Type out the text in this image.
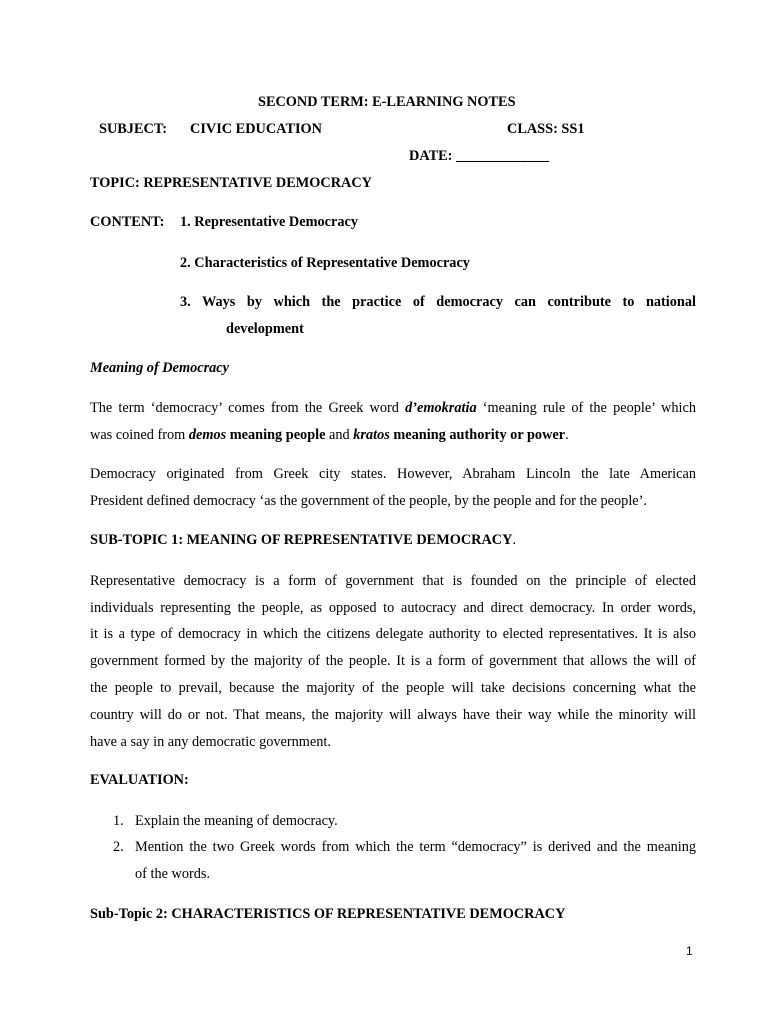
SECOND TERM: E-LEARNING NOTES
SUBJECT: CIVIC EDUCATION	CLASS: SS1
DATE: _____________
TOPIC: REPRESENTATIVE DEMOCRACY
CONTENT: 1. Representative Democracy
2. Characteristics of Representative Democracy
3. Ways by which the practice of democracy can contribute to national
development
Meaning of Democracy
The term ‘democracy’ comes from the Greek word d’emokratia ‘meaning rule of the people’ which
was coined from demos meaning people and kratos meaning authority or power.
Democracy originated from Greek city states. However, Abraham Lincoln the late American
President defined democracy ‘as the government of the people, by the people and for the people’.
SUB-TOPIC 1: MEANING OF REPRESENTATIVE DEMOCRACY.
Representative democracy is a form of government that is founded on the principle of elected
individuals representing the people, as opposed to autocracy and direct democracy. In order words,
it is a type of democracy in which the citizens delegate authority to elected representatives. It is also
government formed by the majority of the people. It is a form of government that allows the will of
the people to prevail, because the majority of the people will take decisions concerning what the
country will do or not. That means, the majority will always have their way while the minority will
have a say in any democratic government.
EVALUATION:
1. Explain the meaning of democracy.
2. Mention the two Greek words from which the term “democracy” is derived and the meaning
of the words.
Sub-Topic 2: CHARACTERISTICS OF REPRESENTATIVE DEMOCRACY
1
